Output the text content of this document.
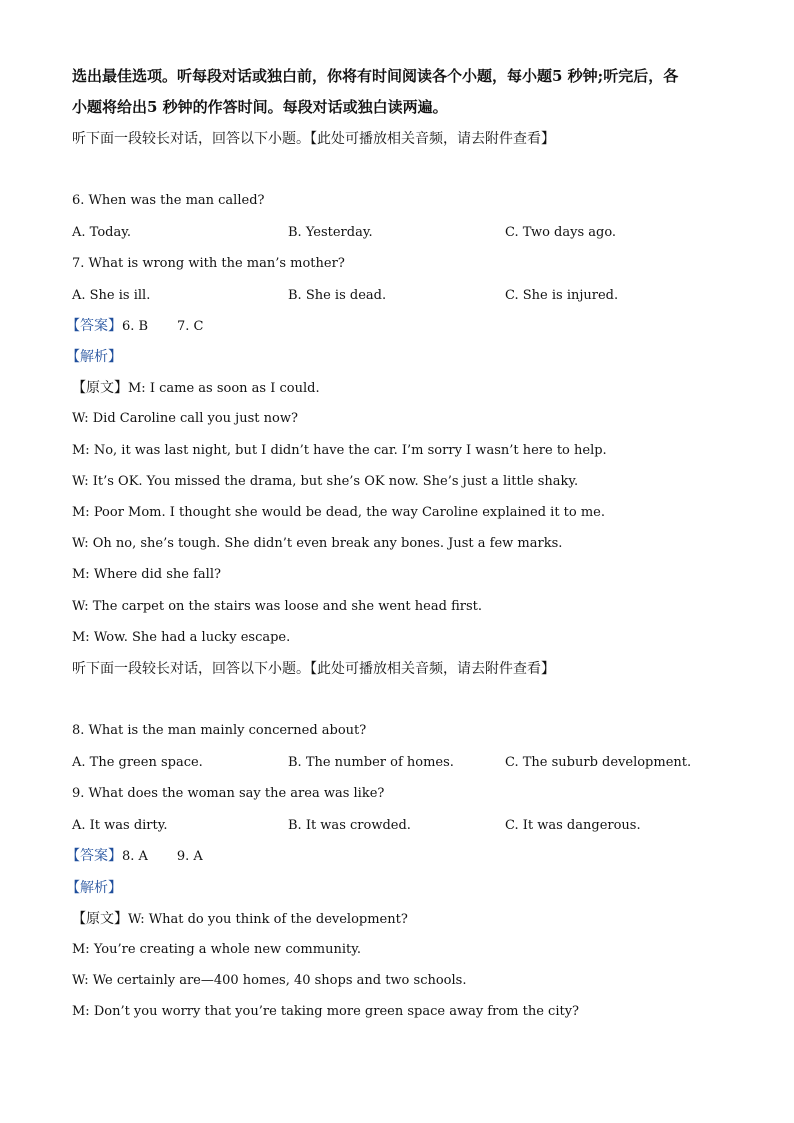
选出最佳选项。听每段对话或独白前，你将有时间阅读各个小题，每小题5 秒钟;听完后，各
小题将给出5 秒钟的作答时间。每段对话或独白读两遍。
听下面一段较长对话，回答以下小题。【此处可播放相关音频，请去附件查看】
6. When was the man called?
A. Today.	B. Yesterday.	C. Two days ago.
7. What is wrong with the man’s mother?
A. She is ill.	B. She is dead.	C. She is injured.
【答案】6. B       7. C
【解析】
【原文】M: I came as soon as I could.
W: Did Caroline call you just now?
M: No, it was last night, but I didn’t have the car. I’m sorry I wasn’t here to help.
W: It’s OK. You missed the drama, but she’s OK now. She’s just a little shaky.
M: Poor Mom. I thought she would be dead, the way Caroline explained it to me.
W: Oh no, she’s tough. She didn’t even break any bones. Just a few marks.
M: Where did she fall?
W: The carpet on the stairs was loose and she went head first.
M: Wow. She had a lucky escape.
听下面一段较长对话，回答以下小题。【此处可播放相关音频，请去附件查看】
8. What is the man mainly concerned about?
A. The green space.	B. The number of homes.	C. The suburb development.
9. What does the woman say the area was like?
A. It was dirty.	B. It was crowded.	C. It was dangerous.
【答案】8. A       9. A
【解析】
【原文】W: What do you think of the development?
M: You’re creating a whole new community.
W: We certainly are—400 homes, 40 shops and two schools.
M: Don’t you worry that you’re taking more green space away from the city?
